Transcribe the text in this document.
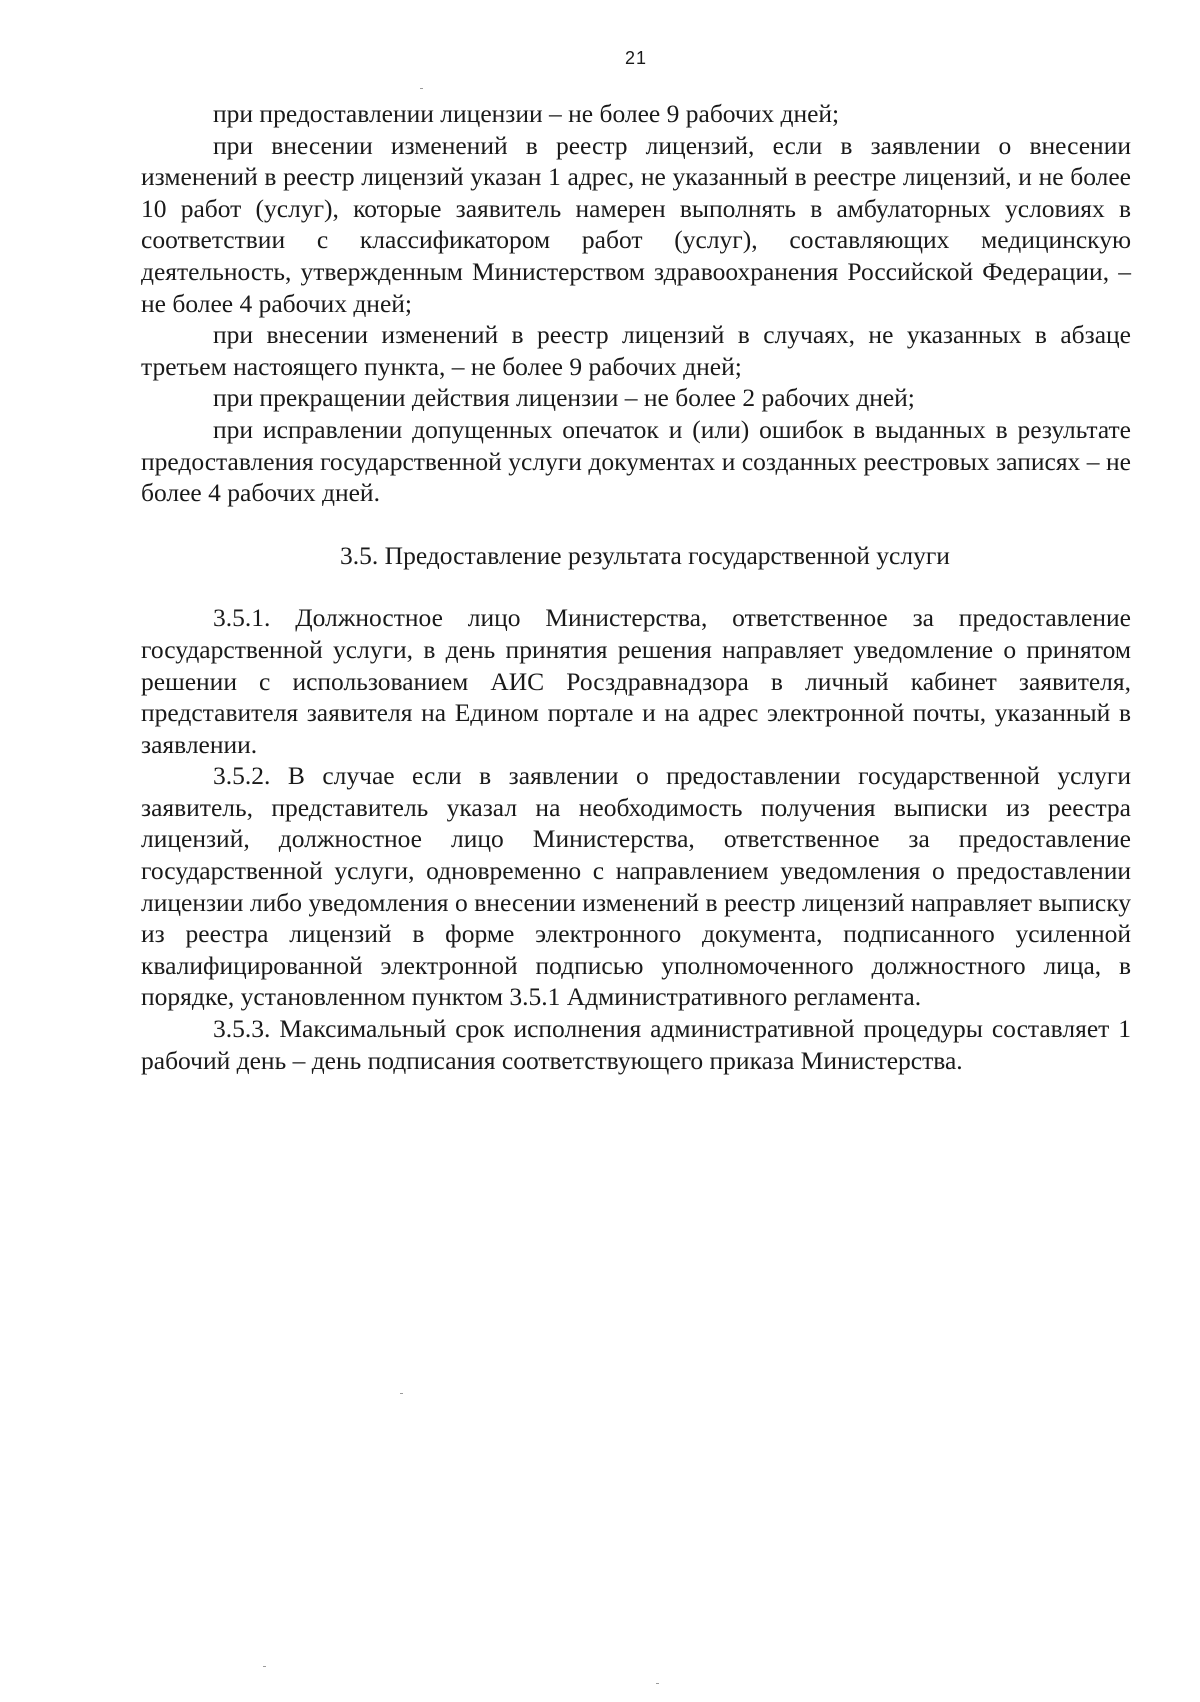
21

при предоставлении лицензии – не более 9 рабочих дней;

при внесении изменений в реестр лицензий, если в заявлении о внесении изменений в реестр лицензий указан 1 адрес, не указанный в реестре лицензий, и не более 10 работ (услуг), которые заявитель намерен выполнять в амбулаторных условиях в соответствии с классификатором работ (услуг), составляющих медицинскую деятельность, утвержденным Министерством здравоохранения Российской Федерации, – не более 4 рабочих дней;

при внесении изменений в реестр лицензий в случаях, не указанных в абзаце третьем настоящего пункта, – не более 9 рабочих дней;

при прекращении действия лицензии – не более 2 рабочих дней;

при исправлении допущенных опечаток и (или) ошибок в выданных в результате предоставления государственной услуги документах и созданных реестровых записях – не более 4 рабочих дней.

3.5. Предоставление результата государственной услуги

3.5.1. Должностное лицо Министерства, ответственное за предоставление государственной услуги, в день принятия решения направляет уведомление о принятом решении с использованием АИС Росздравнадзора в личный кабинет заявителя, представителя заявителя на Едином портале и на адрес электронной почты, указанный в заявлении.

3.5.2. В случае если в заявлении о предоставлении государственной услуги заявитель, представитель указал на необходимость получения выписки из реестра лицензий, должностное лицо Министерства, ответственное за предоставление государственной услуги, одновременно с направлением уведомления о предоставлении лицензии либо уведомления о внесении изменений в реестр лицензий направляет выписку из реестра лицензий в форме электронного документа, подписанного усиленной квалифицированной электронной подписью уполномоченного должностного лица, в порядке, установленном пунктом 3.5.1 Административного регламента.

3.5.3. Максимальный срок исполнения административной процедуры составляет 1 рабочий день – день подписания соответствующего приказа Министерства.
